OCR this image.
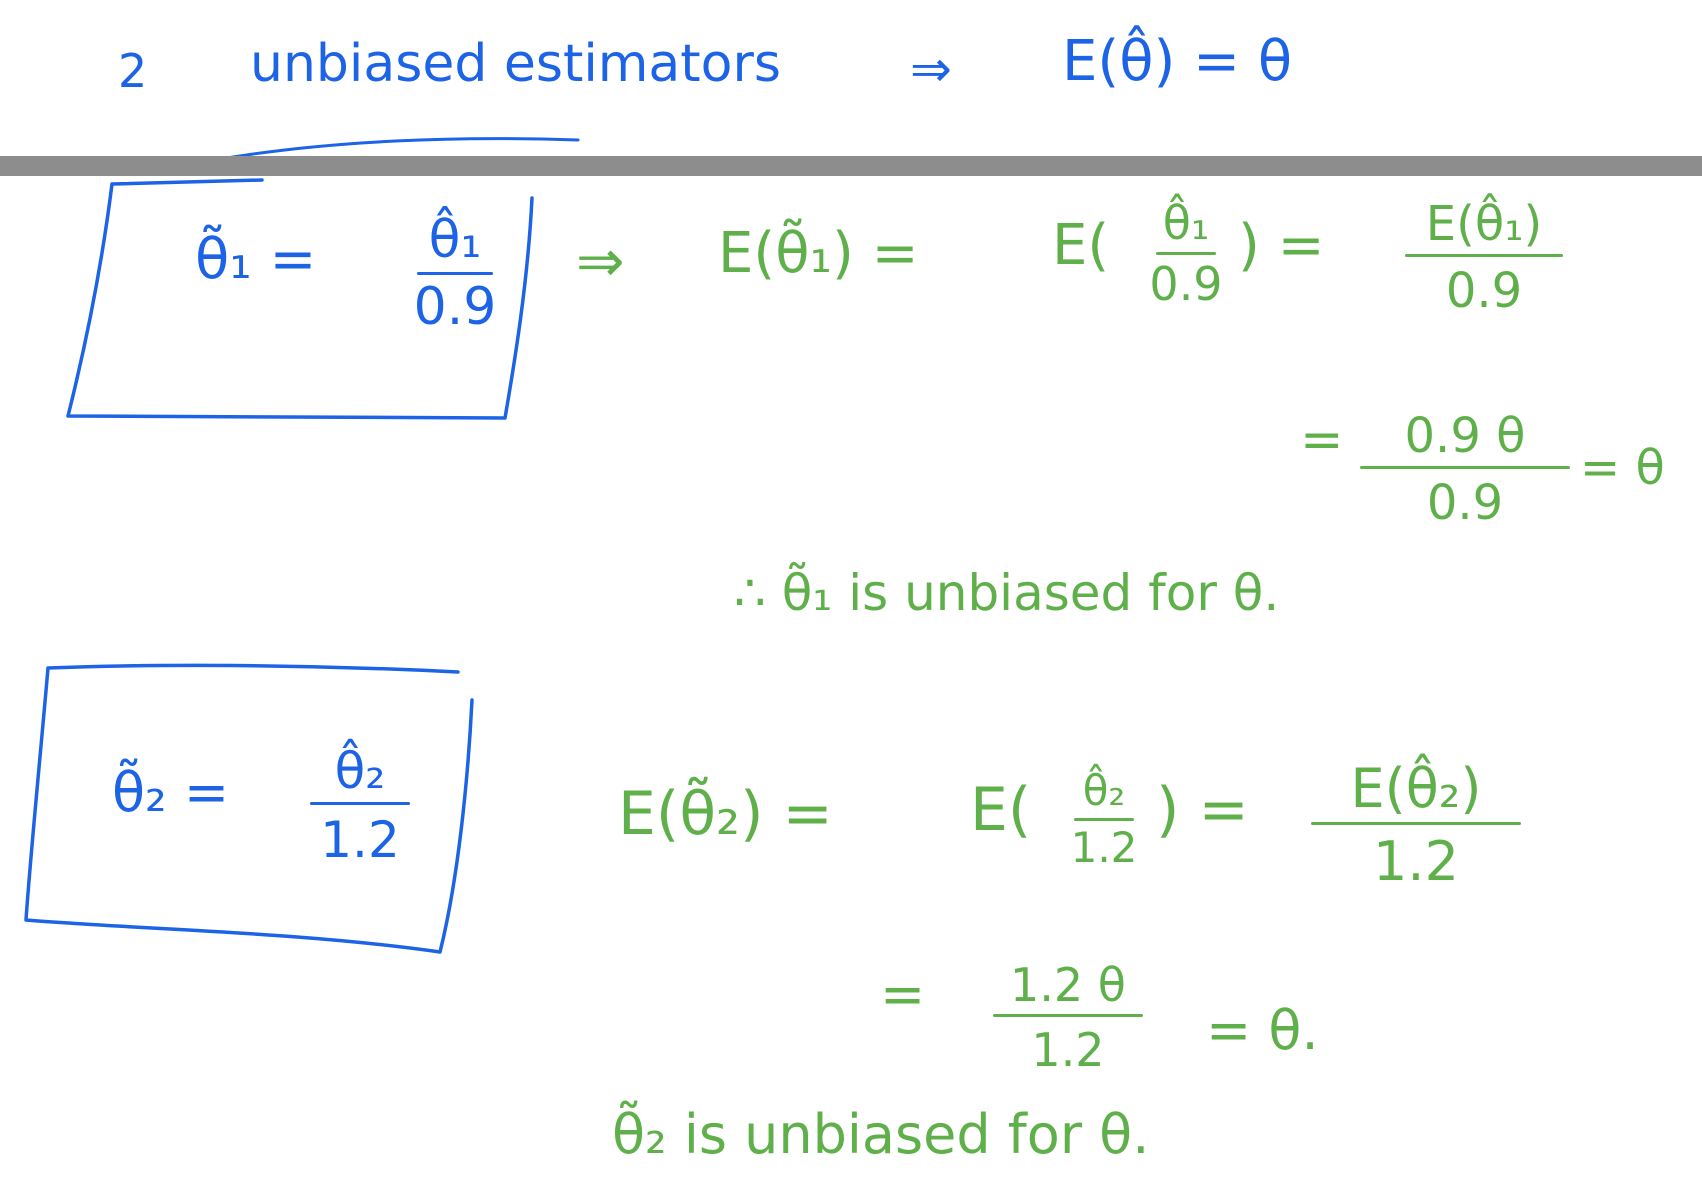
2 unbiased estimators	⇒ E(θ̂) = θ
θ̃₁ =	θ̂₁
0.9
⇒ E(θ̃₁) = E(	θ̂₁
0.9
) =	E(θ̂₁)
0.9
=	0.9 θ
0.9
= θ
∴ θ̃₁ is unbiased for θ.
θ̃₂ =	θ̂₂
1.2	E(θ̃₂) = E(	θ̂₂
1.2
) =	E(θ̂₂)
1.2
=	1.2 θ
1.2	= θ.
θ̃₂ is unbiased for θ.
